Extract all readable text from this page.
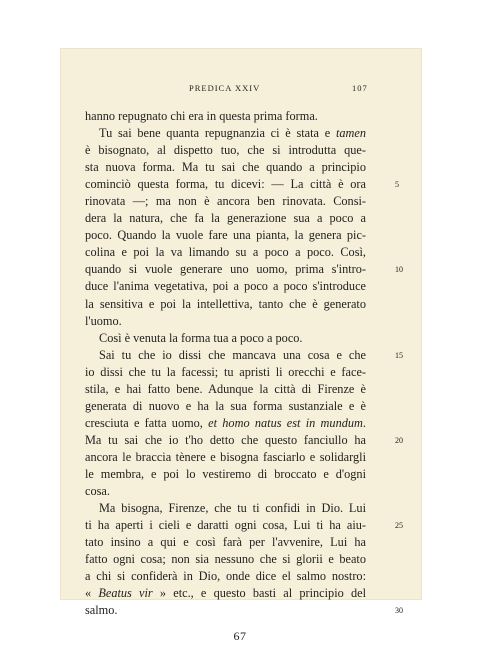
PREDICA XXIV	107
hanno repugnato chi era in questa prima forma.
Tu sai bene quanta repugnanzia ci è stata e tamen
è bisognato, al dispetto tuo, che si introdutta que-
sta nuova forma. Ma tu sai che quando a principio
cominciò questa forma, tu dicevi: — La città è ora	5
rinovata —; ma non è ancora ben rinovata. Consi-
dera la natura, che fa la generazione sua a poco a
poco. Quando la vuole fare una pianta, la genera pic-
colina e poi la va limando su a poco a poco. Così,
quando si vuole generare uno uomo, prima s'intro-	10
duce l'anima vegetativa, poi a poco a poco s'introduce
la sensitiva e poi la intellettiva, tanto che è generato
l'uomo.
Così è venuta la forma tua a poco a poco.
Sai tu che io dissi che mancava una cosa e che	15
io dissi che tu la facessi; tu apristi li orecchi e face-
stila, e hai fatto bene. Adunque la città di Firenze è
generata di nuovo e ha la sua forma sustanziale e è
cresciuta e fatta uomo, et homo natus est in mundum.
Ma tu sai che io t'ho detto che questo fanciullo ha	20
ancora le braccia tènere e bisogna fasciarlo e solidargli
le membra, e poi lo vestiremo di broccato e d'ogni
cosa.
Ma bisogna, Firenze, che tu ti confidi in Dio. Lui
ti ha aperti i cieli e daratti ogni cosa, Lui ti ha aiu-	25
tato insino a qui e così farà per l'avvenire, Lui ha
fatto ogni cosa; non sia nessuno che si glorii e beato
a chi si confiderà in Dio, onde dice el salmo nostro:
« Beatus vir » etc., e questo basti al principio del
salmo.	30
67
